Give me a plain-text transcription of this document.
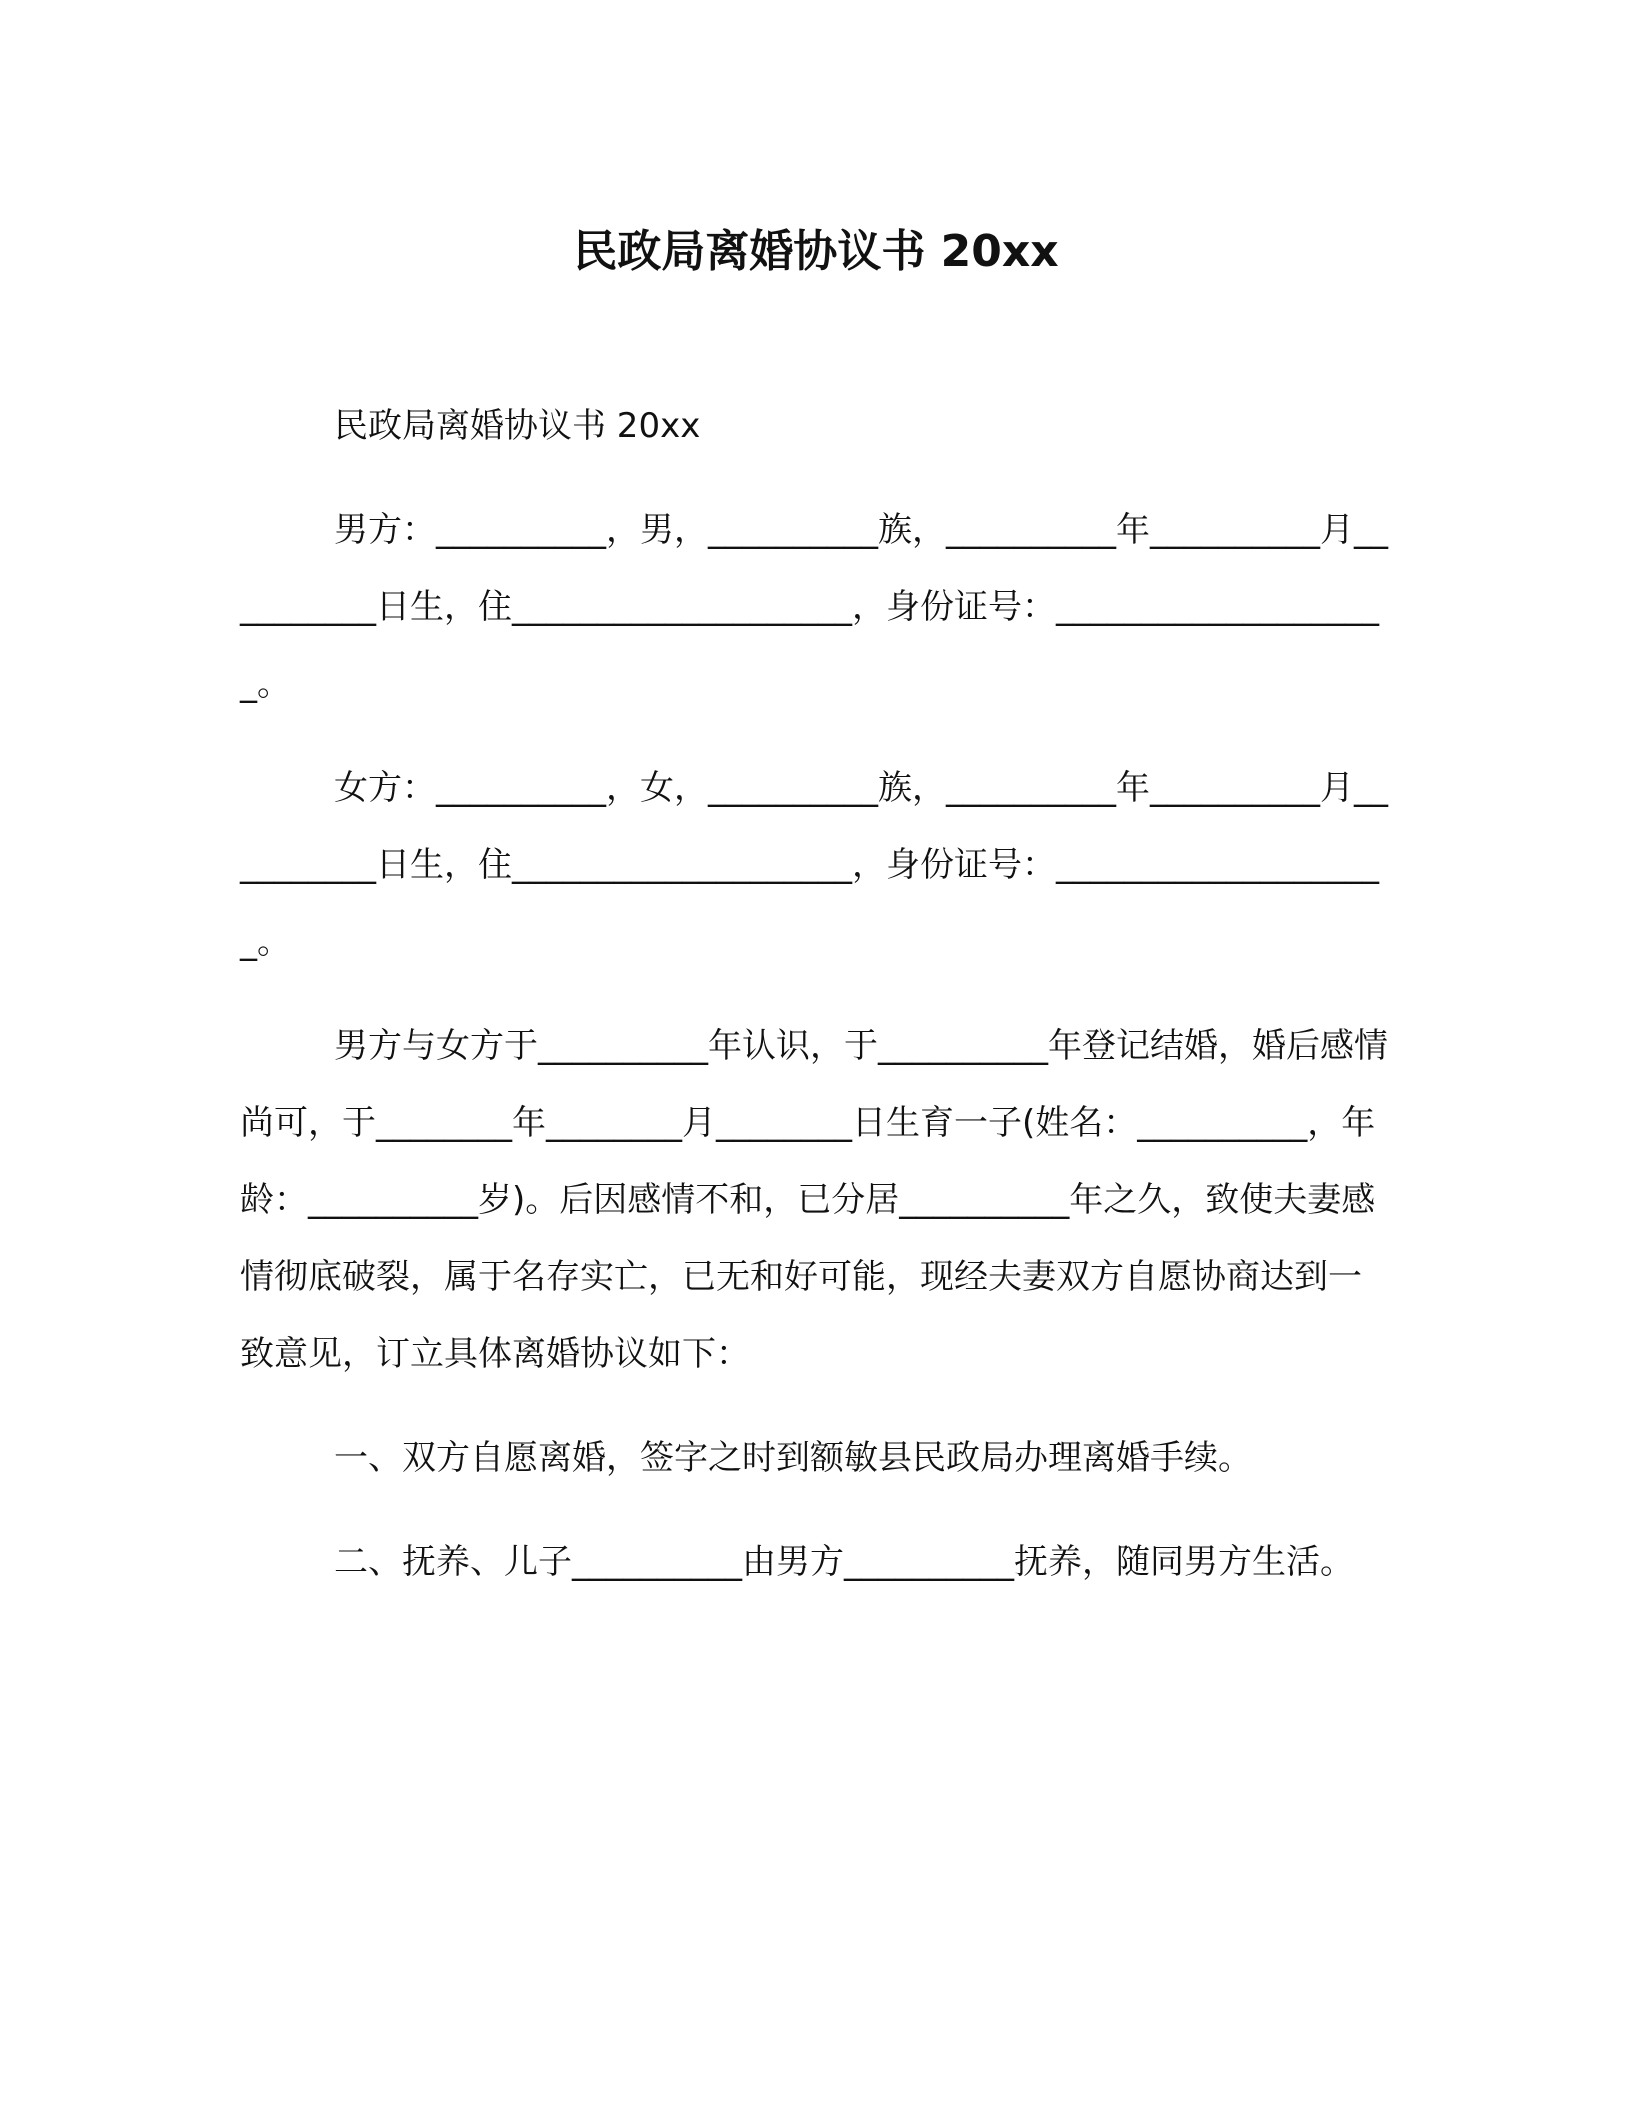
民政局离婚协议书 20xx

民政局离婚协议书 20xx

男方：__________，男，__________族，__________年__________月__________日生，住____________________，身份证号：____________________。

女方：__________，女，__________族，__________年__________月__________日生，住____________________，身份证号：____________________。

男方与女方于__________年认识，于__________年登记结婚，婚后感情尚可，于________年________月________日生育一子(姓名：__________，年龄：__________岁)。后因感情不和，已分居__________年之久，致使夫妻感情彻底破裂，属于名存实亡，已无和好可能，现经夫妻双方自愿协商达到一致意见，订立具体离婚协议如下：

一、双方自愿离婚，签字之时到额敏县民政局办理离婚手续。

二、抚养、儿子__________由男方__________抚养，随同男方生活。
